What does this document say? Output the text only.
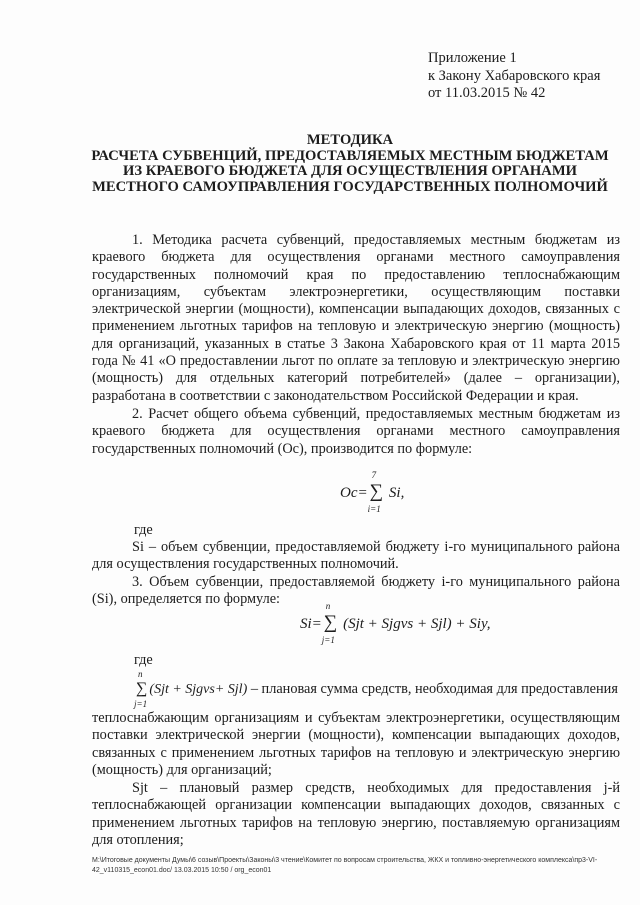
Приложение 1
к Закону Хабаровского края
от 11.03.2015 № 42
МЕТОДИКА
РАСЧЕТА СУБВЕНЦИЙ, ПРЕДОСТАВЛЯЕМЫХ МЕСТНЫМ БЮДЖЕТАМ
ИЗ КРАЕВОГО БЮДЖЕТА ДЛЯ ОСУЩЕСТВЛЕНИЯ ОРГАНАМИ
МЕСТНОГО САМОУПРАВЛЕНИЯ ГОСУДАРСТВЕННЫХ ПОЛНОМОЧИЙ

1. Методика расчета субвенций, предоставляемых местным бюджетам из краевого бюджета для осуществления органами местного самоуправления государственных полномочий края по предоставлению теплоснабжающим организациям, субъектам электроэнергетики, осуществляющим поставки электрической энергии (мощности), компенсации выпадающих доходов, связанных с применением льготных тарифов на тепловую и электрическую энергию (мощность) для организаций, указанных в статье 3 Закона Хабаровского края от 11 марта 2015 года № 41 «О предоставлении льгот по оплате за тепловую и электрическую энергию (мощность) для отдельных категорий потребителей» (далее – организации), разработана в соответствии с законодательством Российской Федерации и края.

2. Расчет общего объема субвенций, предоставляемых местным бюджетам из краевого бюджета для осуществления органами местного самоуправления государственных полномочий (Ос), производится по формуле:

Oc= ∑
7
i=1
Si,
где

Si – объем субвенции, предоставляемой бюджету i-го муниципального района для осуществления государственных полномочий.

3. Объем субвенции, предоставляемой бюджету i-го муниципального района (Si), определяется по формуле:

Si= ∑
n
j=1
(Sjt + Sjgvs + Sjl) + Siy,
где
∑
n
j=1
(Sjt + Sjgvs+ Sjl) – плановая сумма средств, необходимая для предоставления

теплоснабжающим организациям и субъектам электроэнергетики, осуществляющим поставки электрической энергии (мощности), компенсации выпадающих доходов, связанных с применением льготных тарифов на тепловую и электрическую энергию (мощность) для организаций;

Sjt – плановый размер средств, необходимых для предоставления j-й теплоснабжающей организации компенсации выпадающих доходов, связанных с применением льготных тарифов на тепловую энергию, поставляемую организациям для отопления;

M:\Итоговые документы Думы\6 созыв\Проекты\Законы\3 чтение\Комитет по вопросам строительства, ЖКХ и топливно-энергетического комплекса\пр3-VI-
42_v110315_econ01.doc/ 13.03.2015 10:50 / org_econ01
